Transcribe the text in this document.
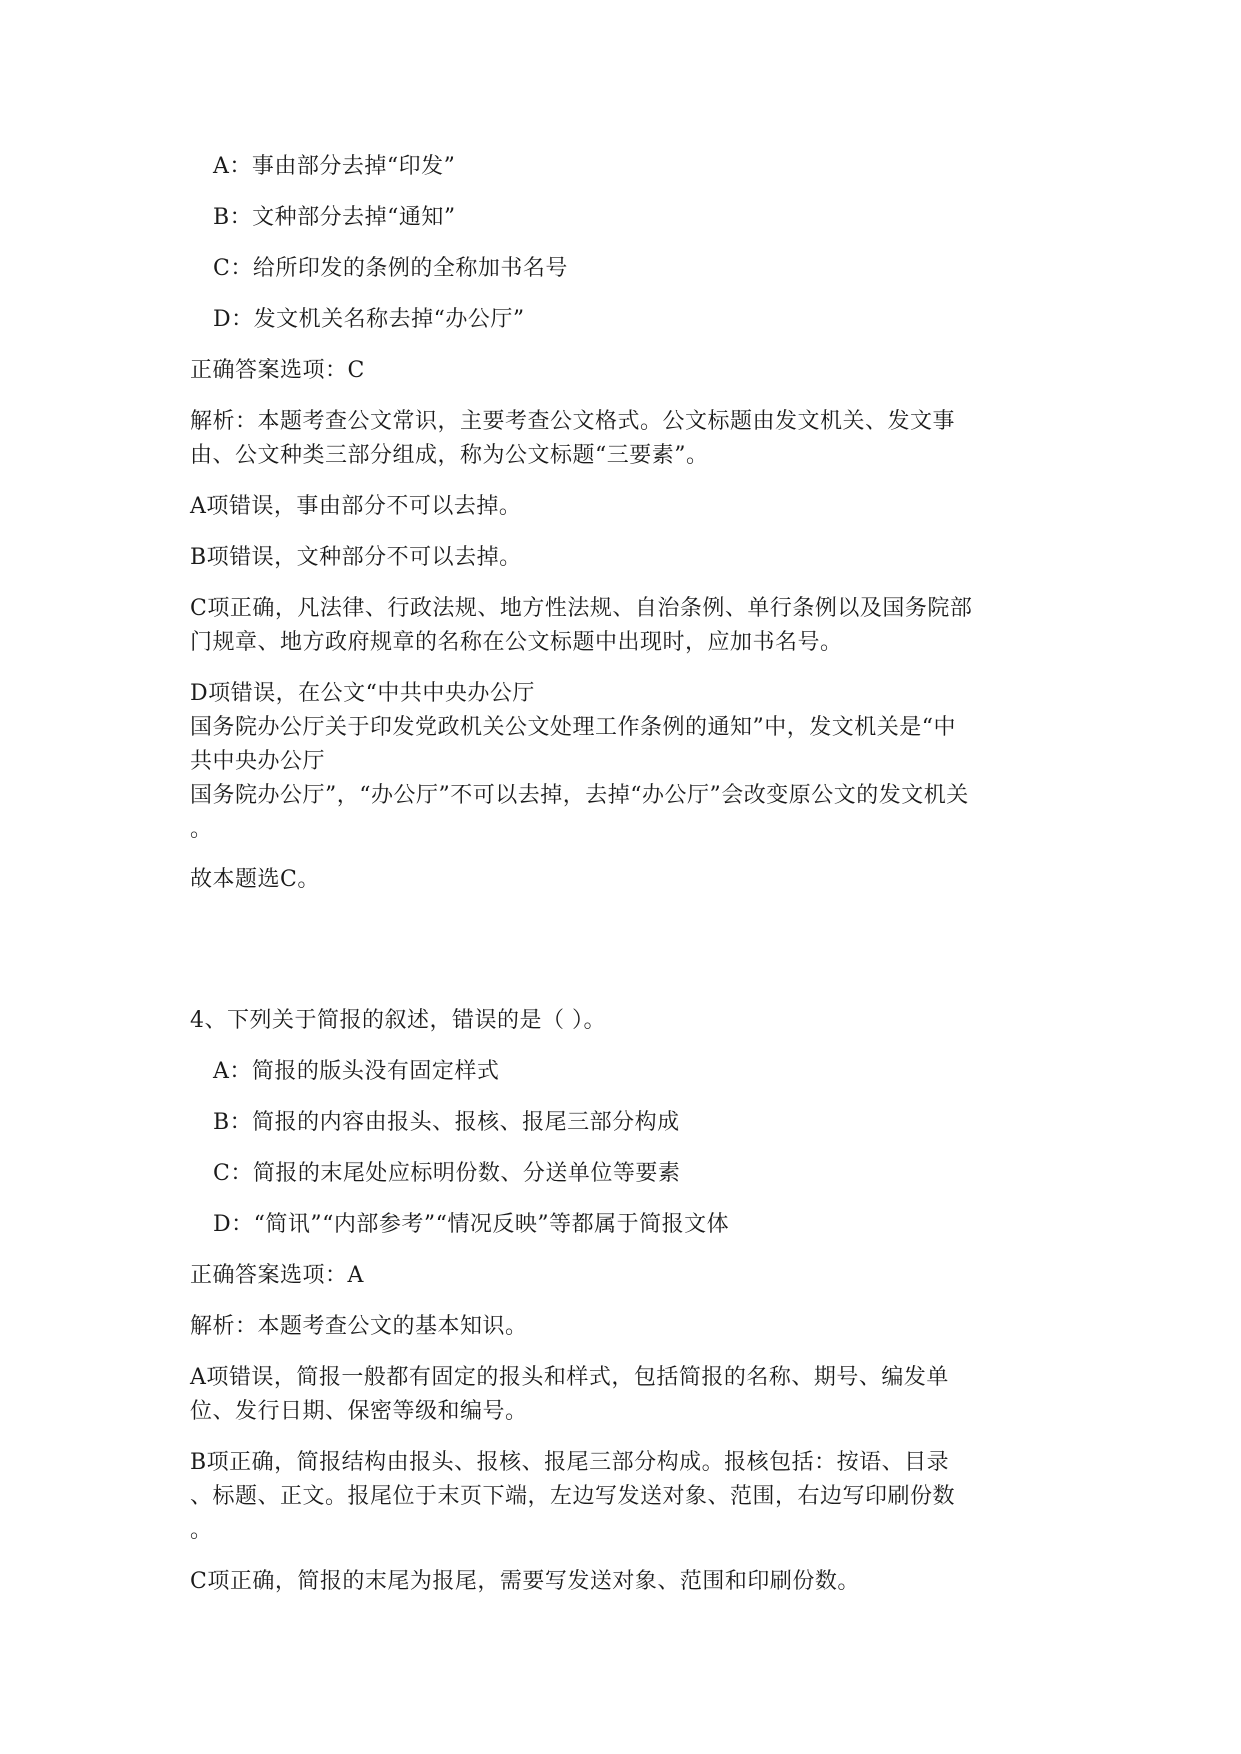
A：事由部分去掉“印发”
B：文种部分去掉“通知”
C：给所印发的条例的全称加书名号
D：发文机关名称去掉“办公厅”
正确答案选项：C
解析：本题考查公文常识，主要考查公文格式。公文标题由发文机关、发文事
由、公文种类三部分组成，称为公文标题“三要素”。
A项错误，事由部分不可以去掉。
B项错误，文种部分不可以去掉。
C项正确，凡法律、行政法规、地方性法规、自治条例、单行条例以及国务院部
门规章、地方政府规章的名称在公文标题中出现时，应加书名号。
D项错误，在公文“中共中央办公厅
国务院办公厅关于印发党政机关公文处理工作条例的通知”中，发文机关是“中
共中央办公厅
国务院办公厅”，“办公厅”不可以去掉，去掉“办公厅”会改变原公文的发文机关
。
故本题选C。
4、下列关于简报的叙述，错误的是（ ）。
A：简报的版头没有固定样式
B：简报的内容由报头、报核、报尾三部分构成
C：简报的末尾处应标明份数、分送单位等要素
D：“简讯”“内部参考”“情况反映”等都属于简报文体
正确答案选项：A
解析：本题考查公文的基本知识。
A项错误，简报一般都有固定的报头和样式，包括简报的名称、期号、编发单
位、发行日期、保密等级和编号。
B项正确，简报结构由报头、报核、报尾三部分构成。报核包括：按语、目录
、标题、正文。报尾位于末页下端，左边写发送对象、范围，右边写印刷份数
。
C项正确，简报的末尾为报尾，需要写发送对象、范围和印刷份数。
